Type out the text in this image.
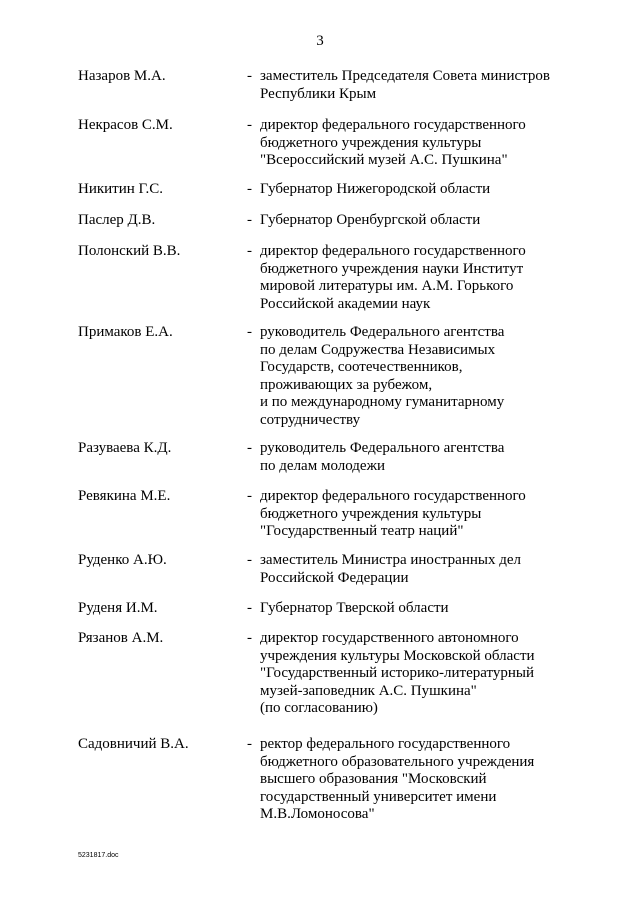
3
Назаров М.А.	- заместитель Председателя Совета министров
Республики Крым
Некрасов С.М.	- директор федерального государственного
бюджетного учреждения культуры
"Всероссийский музей А.С. Пушкина"
Никитин Г.С.	- Губернатор Нижегородской области
Паслер Д.В.	- Губернатор Оренбургской области
Полонский В.В.	- директор федерального государственного
бюджетного учреждения науки Институт
мировой литературы им. А.М. Горького
Российской академии наук
Примаков Е.А.	- руководитель Федерального агентства
по делам Содружества Независимых
Государств, соотечественников,
проживающих за рубежом,
и по международному гуманитарному
сотрудничеству
Разуваева К.Д.	- руководитель Федерального агентства
по делам молодежи
Ревякина М.Е.	- директор федерального государственного
бюджетного учреждения культуры
"Государственный театр наций"
Руденко А.Ю.	- заместитель Министра иностранных дел
Российской Федерации
Руденя И.М.	- Губернатор Тверской области
Рязанов А.М.	- директор государственного автономного
учреждения культуры Московской области
"Государственный историко-литературный
музей-заповедник А.С. Пушкина"
(по согласованию)
Садовничий В.А.	- ректор федерального государственного
бюджетного образовательного учреждения
высшего образования "Московский
государственный университет имени
М.В.Ломоносова"
5231817.doc
